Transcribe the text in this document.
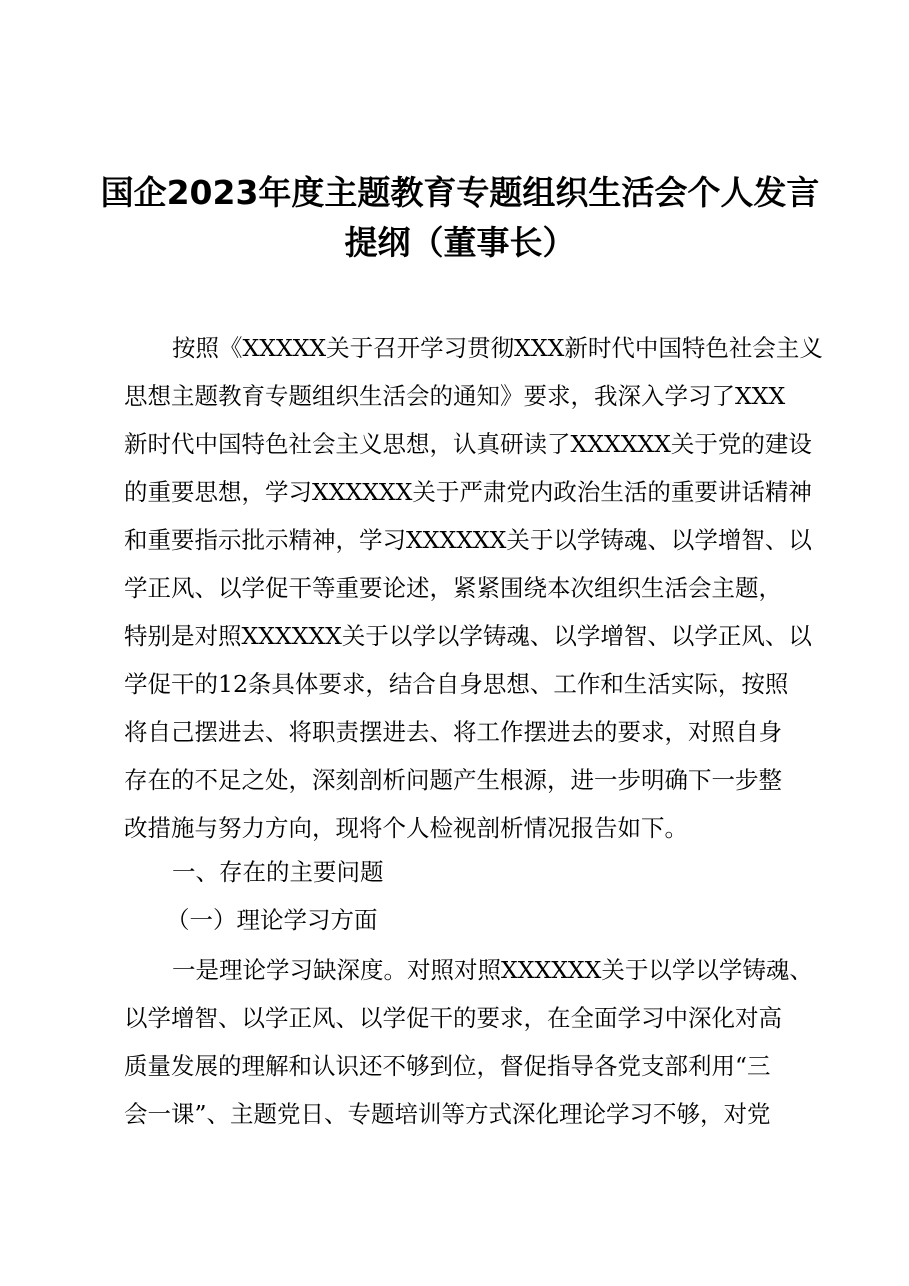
国企2023年度主题教育专题组织生活会个人发言
提纲（董事长）
按照《XXXXX关于召开学习贯彻XXX新时代中国特色社会主义
思想主题教育专题组织生活会的通知》要求，我深入学习了XXX
新时代中国特色社会主义思想，认真研读了XXXXXX关于党的建设
的重要思想，学习XXXXXX关于严肃党内政治生活的重要讲话精神
和重要指示批示精神，学习XXXXXX关于以学铸魂、以学增智、以
学正风、以学促干等重要论述，紧紧围绕本次组织生活会主题，
特别是对照XXXXXX关于以学以学铸魂、以学增智、以学正风、以
学促干的12条具体要求，结合自身思想、工作和生活实际，按照
将自己摆进去、将职责摆进去、将工作摆进去的要求，对照自身
存在的不足之处，深刻剖析问题产生根源，进一步明确下一步整
改措施与努力方向，现将个人检视剖析情况报告如下。
一、存在的主要问题
（一）理论学习方面
一是理论学习缺深度。对照对照XXXXXX关于以学以学铸魂、
以学增智、以学正风、以学促干的要求，在全面学习中深化对高
质量发展的理解和认识还不够到位，督促指导各党支部利用“三
会一课”、主题党日、专题培训等方式深化理论学习不够，对党
